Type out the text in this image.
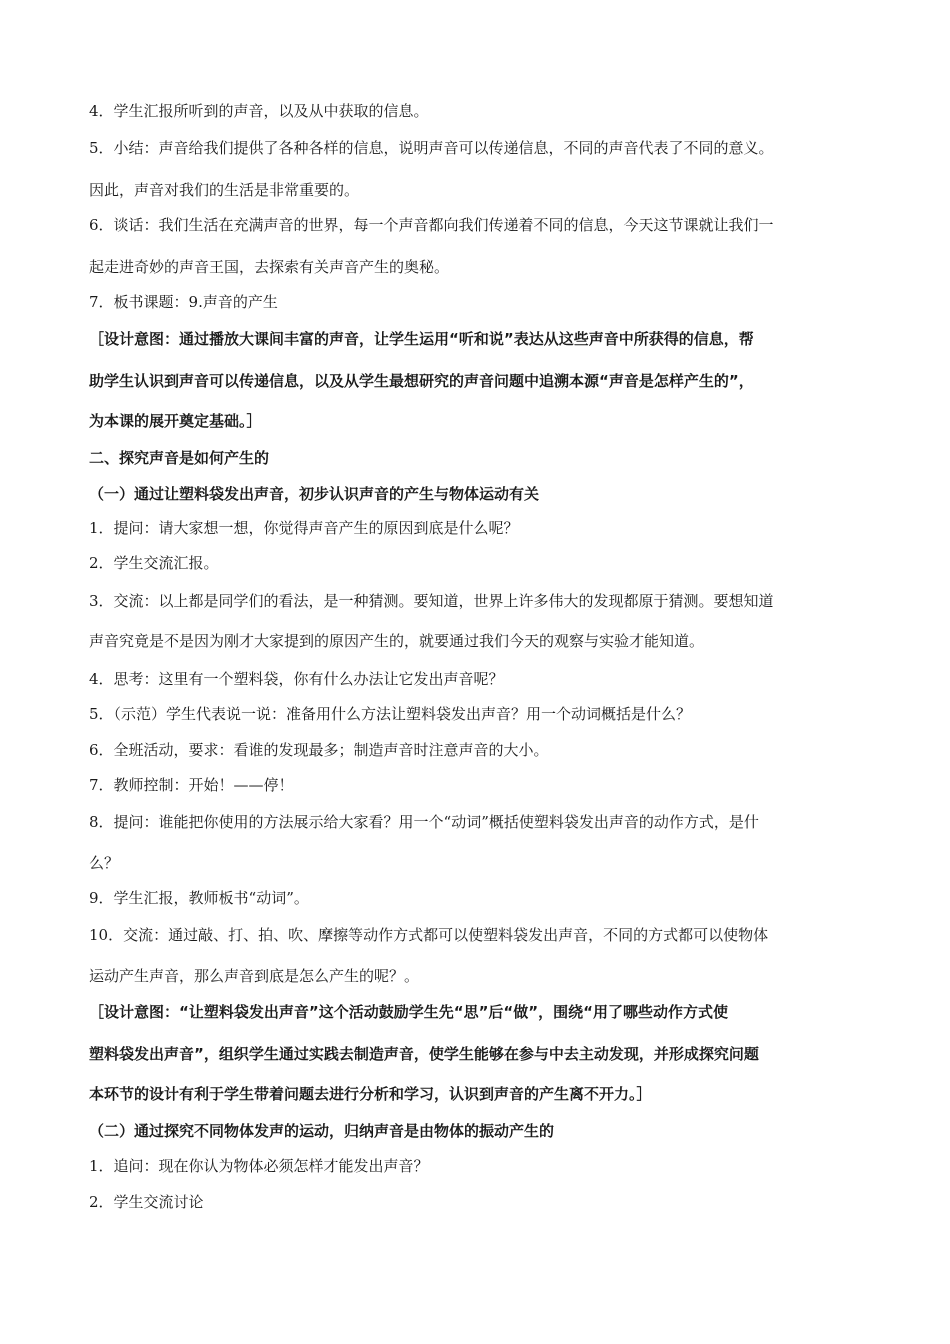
4．学生汇报所听到的声音，以及从中获取的信息。
5．小结：声音给我们提供了各种各样的信息，说明声音可以传递信息，不同的声音代表了不同的意义。
因此，声音对我们的生活是非常重要的。
6．谈话：我们生活在充满声音的世界，每一个声音都向我们传递着不同的信息，今天这节课就让我们一
起走进奇妙的声音王国，去探索有关声音产生的奥秘。
7．板书课题：9.声音的产生
［设计意图：通过播放大课间丰富的声音，让学生运用“听和说”表达从这些声音中所获得的信息，帮
助学生认识到声音可以传递信息，以及从学生最想研究的声音问题中追溯本源“声音是怎样产生的”，
为本课的展开奠定基础。］
二、探究声音是如何产生的
（一）通过让塑料袋发出声音，初步认识声音的产生与物体运动有关
1．提问：请大家想一想，你觉得声音产生的原因到底是什么呢？
2．学生交流汇报。
3．交流：以上都是同学们的看法，是一种猜测。要知道，世界上许多伟大的发现都原于猜测。要想知道
声音究竟是不是因为刚才大家提到的原因产生的，就要通过我们今天的观察与实验才能知道。
4．思考：这里有一个塑料袋，你有什么办法让它发出声音呢？
5．（示范）学生代表说一说：准备用什么方法让塑料袋发出声音？用一个动词概括是什么？
6．全班活动，要求：看谁的发现最多；制造声音时注意声音的大小。
7．教师控制：开始！——停！
8．提问：谁能把你使用的方法展示给大家看？用一个“动词”概括使塑料袋发出声音的动作方式，是什
么？
9．学生汇报，教师板书“动词”。
10．交流：通过敲、打、拍、吹、摩擦等动作方式都可以使塑料袋发出声音，不同的方式都可以使物体
运动产生声音，那么声音到底是怎么产生的呢？。
［设计意图：“让塑料袋发出声音”这个活动鼓励学生先“思”后“做”，围绕“用了哪些动作方式使
塑料袋发出声音”，组织学生通过实践去制造声音，使学生能够在参与中去主动发现，并形成探究问题
本环节的设计有利于学生带着问题去进行分析和学习，认识到声音的产生离不开力。］
（二）通过探究不同物体发声的运动，归纳声音是由物体的振动产生的
1．追问：现在你认为物体必须怎样才能发出声音？
2．学生交流讨论
